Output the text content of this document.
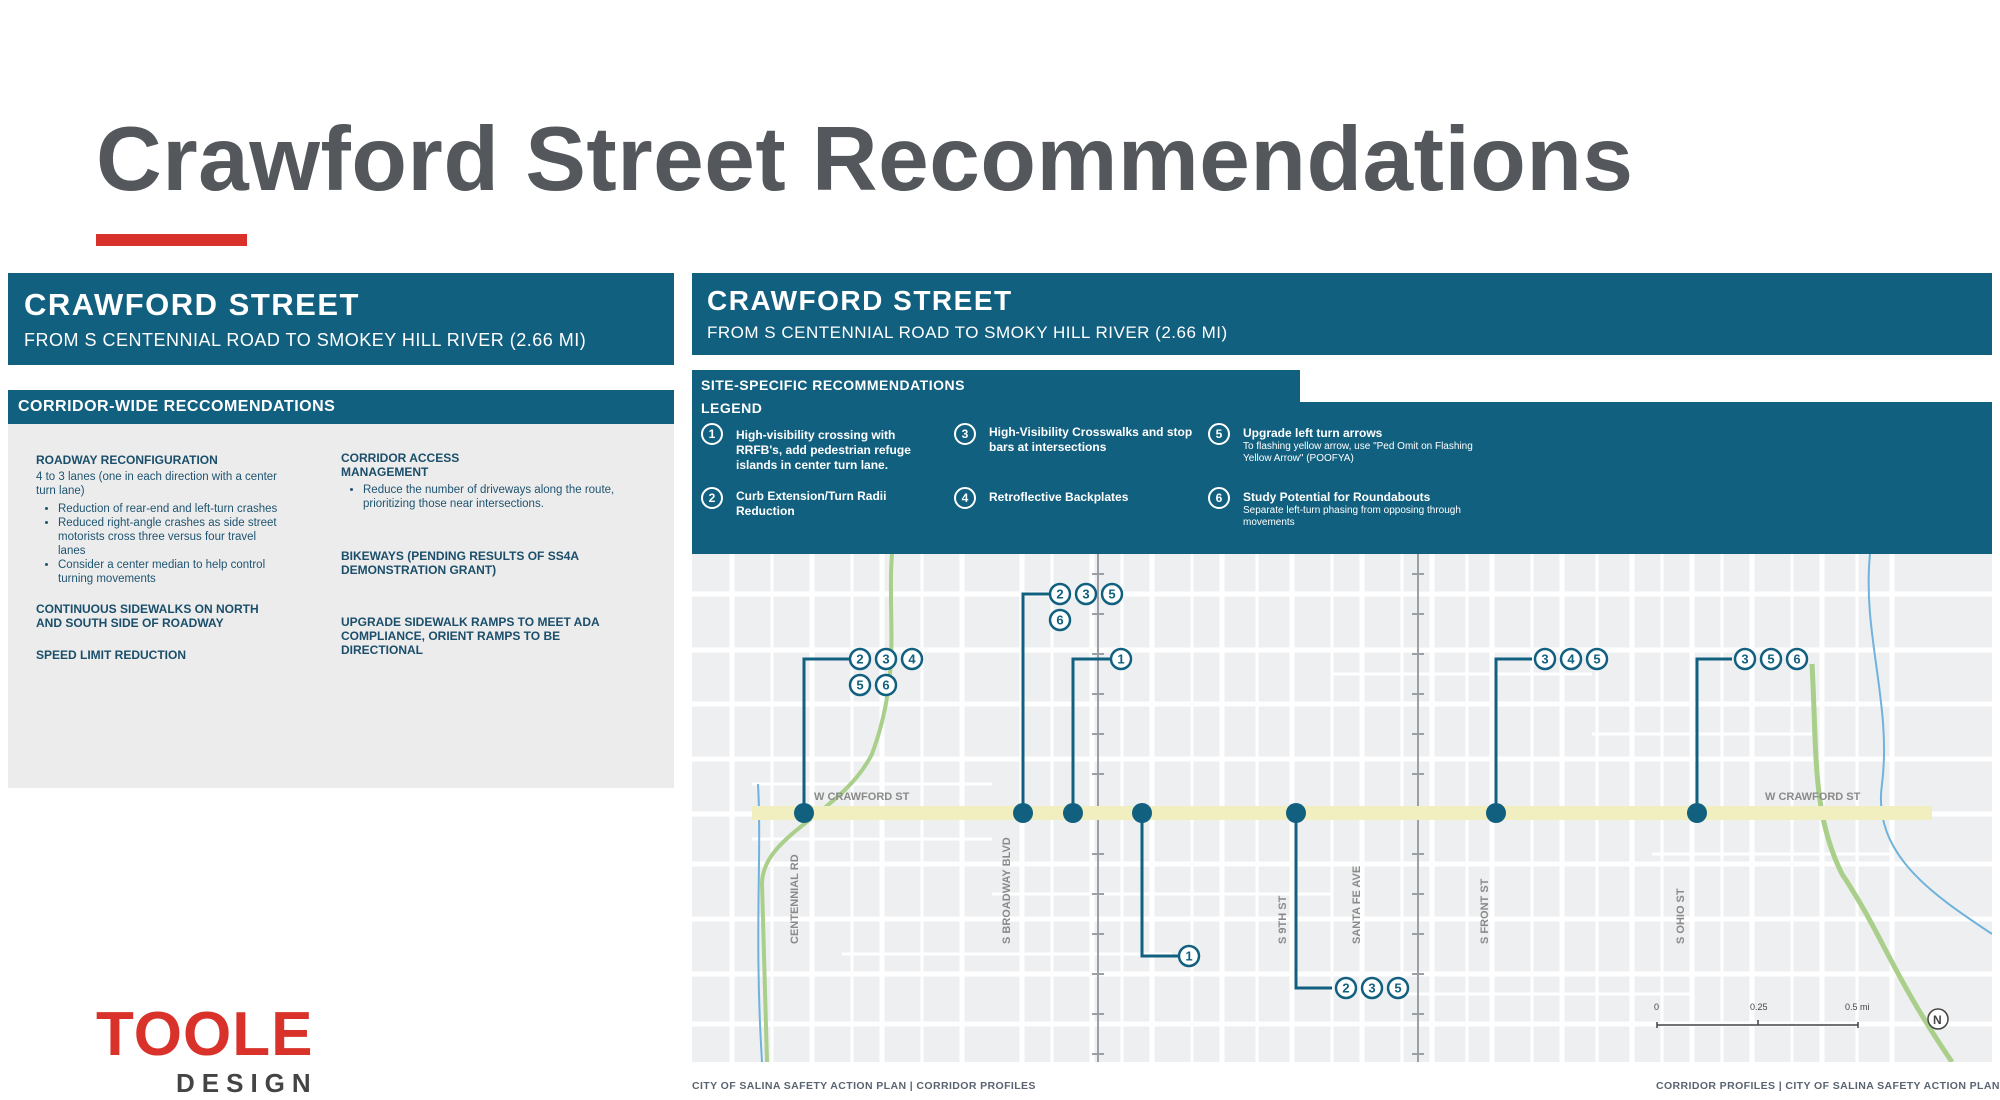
Crawford Street Recommendations
CRAWFORD STREET
FROM S CENTENNIAL ROAD TO SMOKEY HILL RIVER (2.66 MI)
CORRIDOR-WIDE RECCOMENDATIONS
ROADWAY RECONFIGURATION
4 to 3 lanes (one in each direction with a center turn lane)
• Reduction of rear-end and left-turn crashes
• Reduced right-angle crashes as side street motorists cross three versus four travel lanes
• Consider a center median to help control turning movements
CONTINUOUS SIDEWALKS ON NORTH AND SOUTH SIDE OF ROADWAY
SPEED LIMIT REDUCTION
CORRIDOR ACCESS MANAGEMENT
• Reduce the number of driveways along the route, prioritizing those near intersections.
BIKEWAYS (PENDING RESULTS OF SS4A DEMONSTRATION GRANT)
UPGRADE SIDEWALK RAMPS TO MEET ADA COMPLIANCE, ORIENT RAMPS TO BE DIRECTIONAL
CRAWFORD STREET
FROM S CENTENNIAL ROAD TO SMOKY HILL RIVER (2.66 MI)
SITE-SPECIFIC RECOMMENDATIONS
LEGEND
1	High-visibility crossing with RRFB's, add pedestrian refuge islands in center turn lane.
2	Curb Extension/Turn Radii Reduction
3	High-Visibility Crosswalks and stop bars at intersections
4	Retroflective Backplates
5	Upgrade left turn arrows
To flashing yellow arrow, use "Ped Omit on Flashing Yellow Arrow" (POOFYA)
6	Study Potential for Roundabouts
Separate left-turn phasing from opposing through movements
W CRAWFORD ST	W CRAWFORD ST
CENTENNIAL RD	S BROADWAY BLVD	S 9TH ST	SANTA FE AVE	S FRONT ST	S OHIO ST
2 3 4
5 6
2 3 5
6
1
1
2 3 5
3 4 5	3 5 6
0	0.25	0.5 mi
N
CITY OF SALINA SAFETY ACTION PLAN | CORRIDOR PROFILES	CORRIDOR PROFILES | CITY OF SALINA SAFETY ACTION PLAN
TOOLE
DESIGN
